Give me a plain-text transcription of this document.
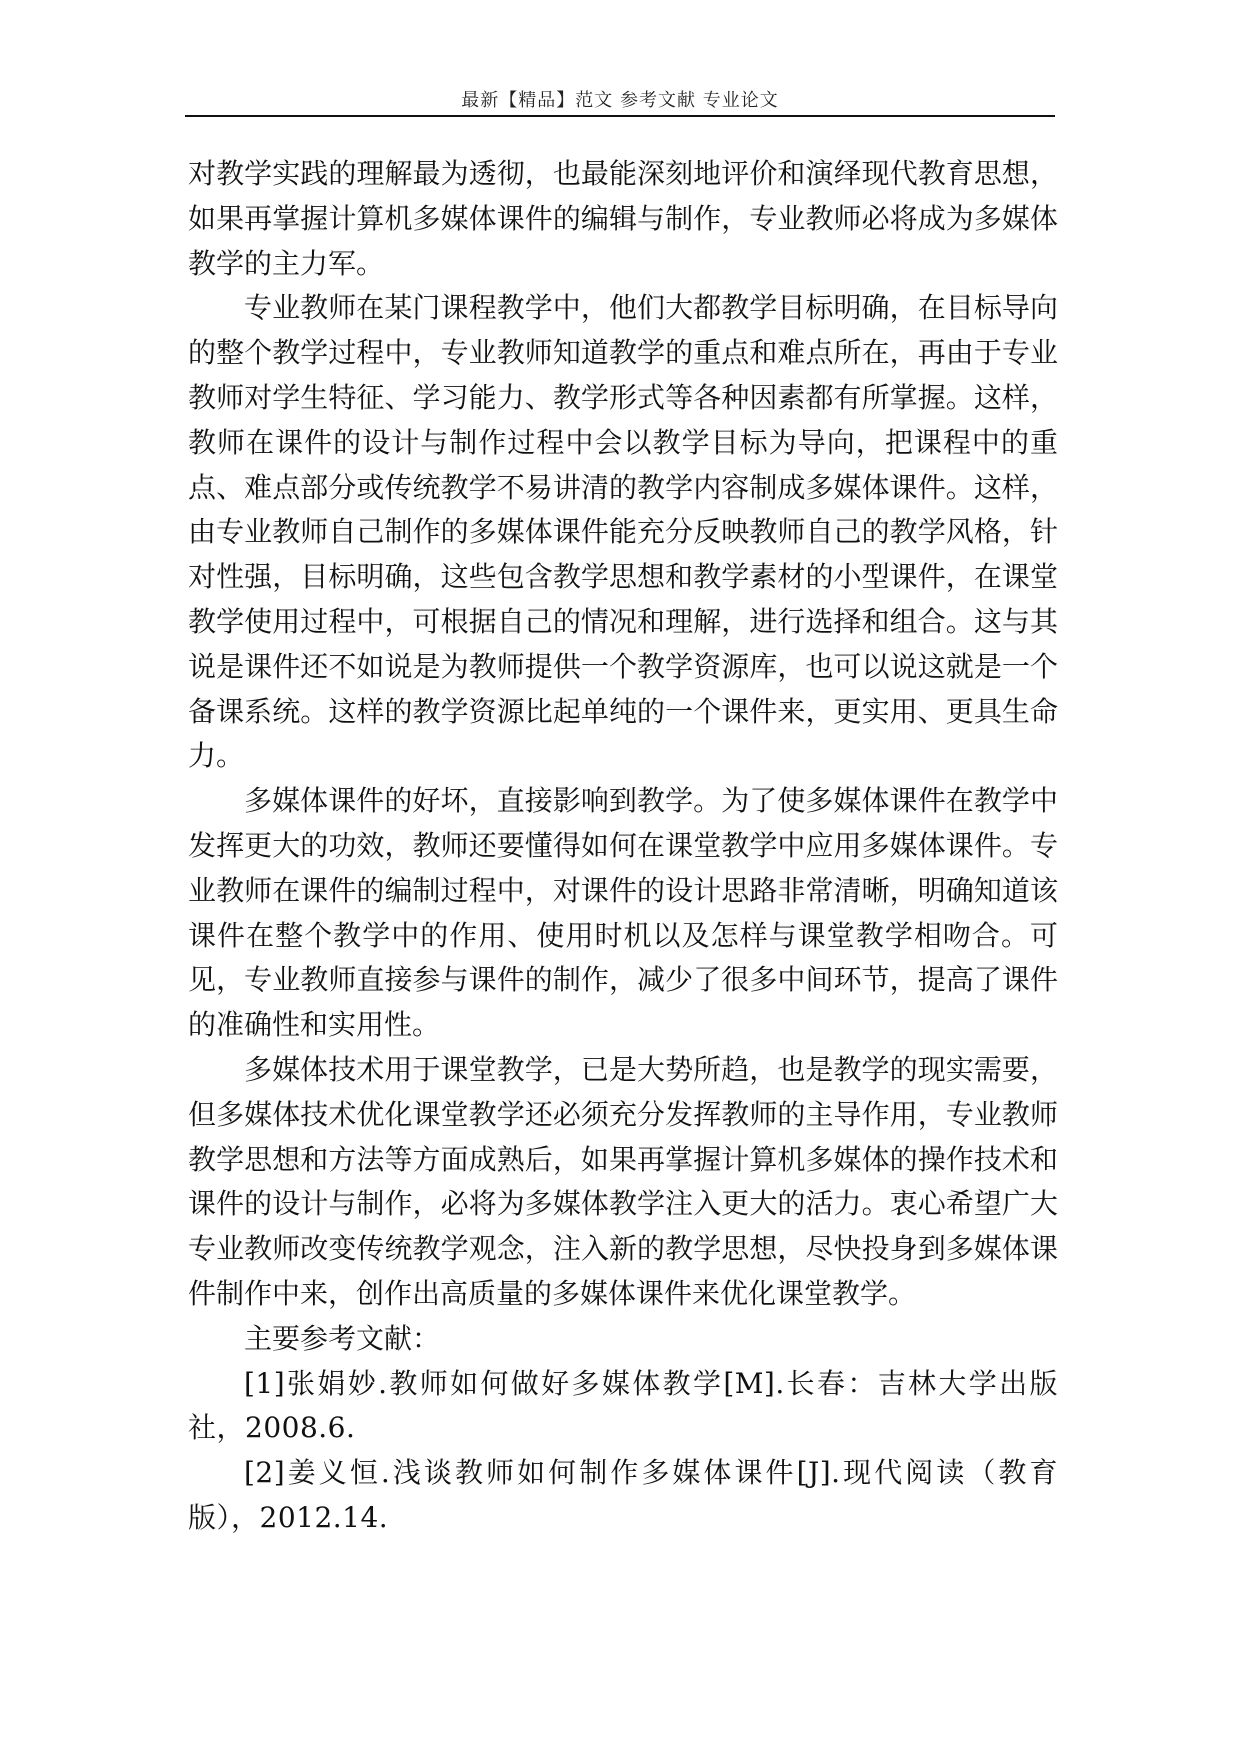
最新【精品】范文 参考文献 专业论文

对教学实践的理解最为透彻，也最能深刻地评价和演绎现代教育思想，如果再掌握计算机多媒体课件的编辑与制作，专业教师必将成为多媒体教学的主力军。

专业教师在某门课程教学中，他们大都教学目标明确，在目标导向的整个教学过程中，专业教师知道教学的重点和难点所在，再由于专业教师对学生特征、学习能力、教学形式等各种因素都有所掌握。这样，教师在课件的设计与制作过程中会以教学目标为导向，把课程中的重点、难点部分或传统教学不易讲清的教学内容制成多媒体课件。这样，由专业教师自己制作的多媒体课件能充分反映教师自己的教学风格，针对性强，目标明确，这些包含教学思想和教学素材的小型课件，在课堂教学使用过程中，可根据自己的情况和理解，进行选择和组合。这与其说是课件还不如说是为教师提供一个教学资源库，也可以说这就是一个备课系统。这样的教学资源比起单纯的一个课件来，更实用、更具生命力。

多媒体课件的好坏，直接影响到教学。为了使多媒体课件在教学中发挥更大的功效，教师还要懂得如何在课堂教学中应用多媒体课件。专业教师在课件的编制过程中，对课件的设计思路非常清晰，明确知道该课件在整个教学中的作用、使用时机以及怎样与课堂教学相吻合。可见，专业教师直接参与课件的制作，减少了很多中间环节，提高了课件的准确性和实用性。

多媒体技术用于课堂教学，已是大势所趋，也是教学的现实需要，但多媒体技术优化课堂教学还必须充分发挥教师的主导作用，专业教师教学思想和方法等方面成熟后，如果再掌握计算机多媒体的操作技术和课件的设计与制作，必将为多媒体教学注入更大的活力。衷心希望广大专业教师改变传统教学观念，注入新的教学思想，尽快投身到多媒体课件制作中来，创作出高质量的多媒体课件来优化课堂教学。

主要参考文献：

[1]张娟妙.教师如何做好多媒体教学[M].长春：吉林大学出版社，2008.6.

[2]姜义恒.浅谈教师如何制作多媒体课件[J].现代阅读（教育版），2012.14.
